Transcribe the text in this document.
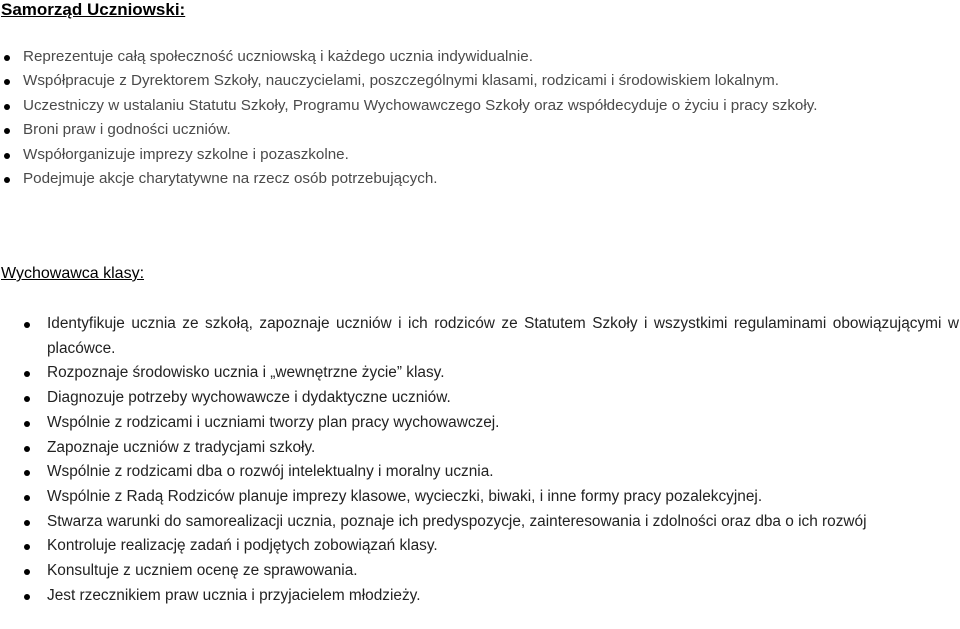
Samorząd Uczniowski:
Reprezentuje całą społeczność uczniowską i każdego ucznia indywidualnie.
Współpracuje z Dyrektorem Szkoły, nauczycielami, poszczególnymi klasami, rodzicami i środowiskiem lokalnym.
Uczestniczy w ustalaniu Statutu Szkoły, Programu Wychowawczego Szkoły oraz współdecyduje o życiu i pracy szkoły.
Broni praw i godności uczniów.
Współorganizuje imprezy szkolne i pozaszkolne.
Podejmuje akcje charytatywne na rzecz osób potrzebujących.
Wychowawca klasy:
Identyfikuje ucznia ze szkołą, zapoznaje uczniów i ich rodziców ze Statutem Szkoły i wszystkimi regulaminami obowiązującymi w placówce.
Rozpoznaje środowisko ucznia i „wewnętrzne życie” klasy.
Diagnozuje potrzeby wychowawcze i dydaktyczne uczniów.
Wspólnie z rodzicami i uczniami tworzy plan pracy wychowawczej.
Zapoznaje uczniów z tradycjami szkoły.
Wspólnie z rodzicami dba o rozwój intelektualny i moralny ucznia.
Wspólnie z Radą Rodziców planuje imprezy klasowe, wycieczki, biwaki, i inne formy pracy pozalekcyjnej.
Stwarza warunki do samorealizacji ucznia, poznaje ich predyspozycje, zainteresowania i zdolności oraz dba o ich rozwój
Kontroluje realizację zadań i podjętych zobowiązań klasy.
Konsultuje z uczniem ocenę ze sprawowania.
Jest rzecznikiem praw ucznia i przyjacielem młodzieży.
